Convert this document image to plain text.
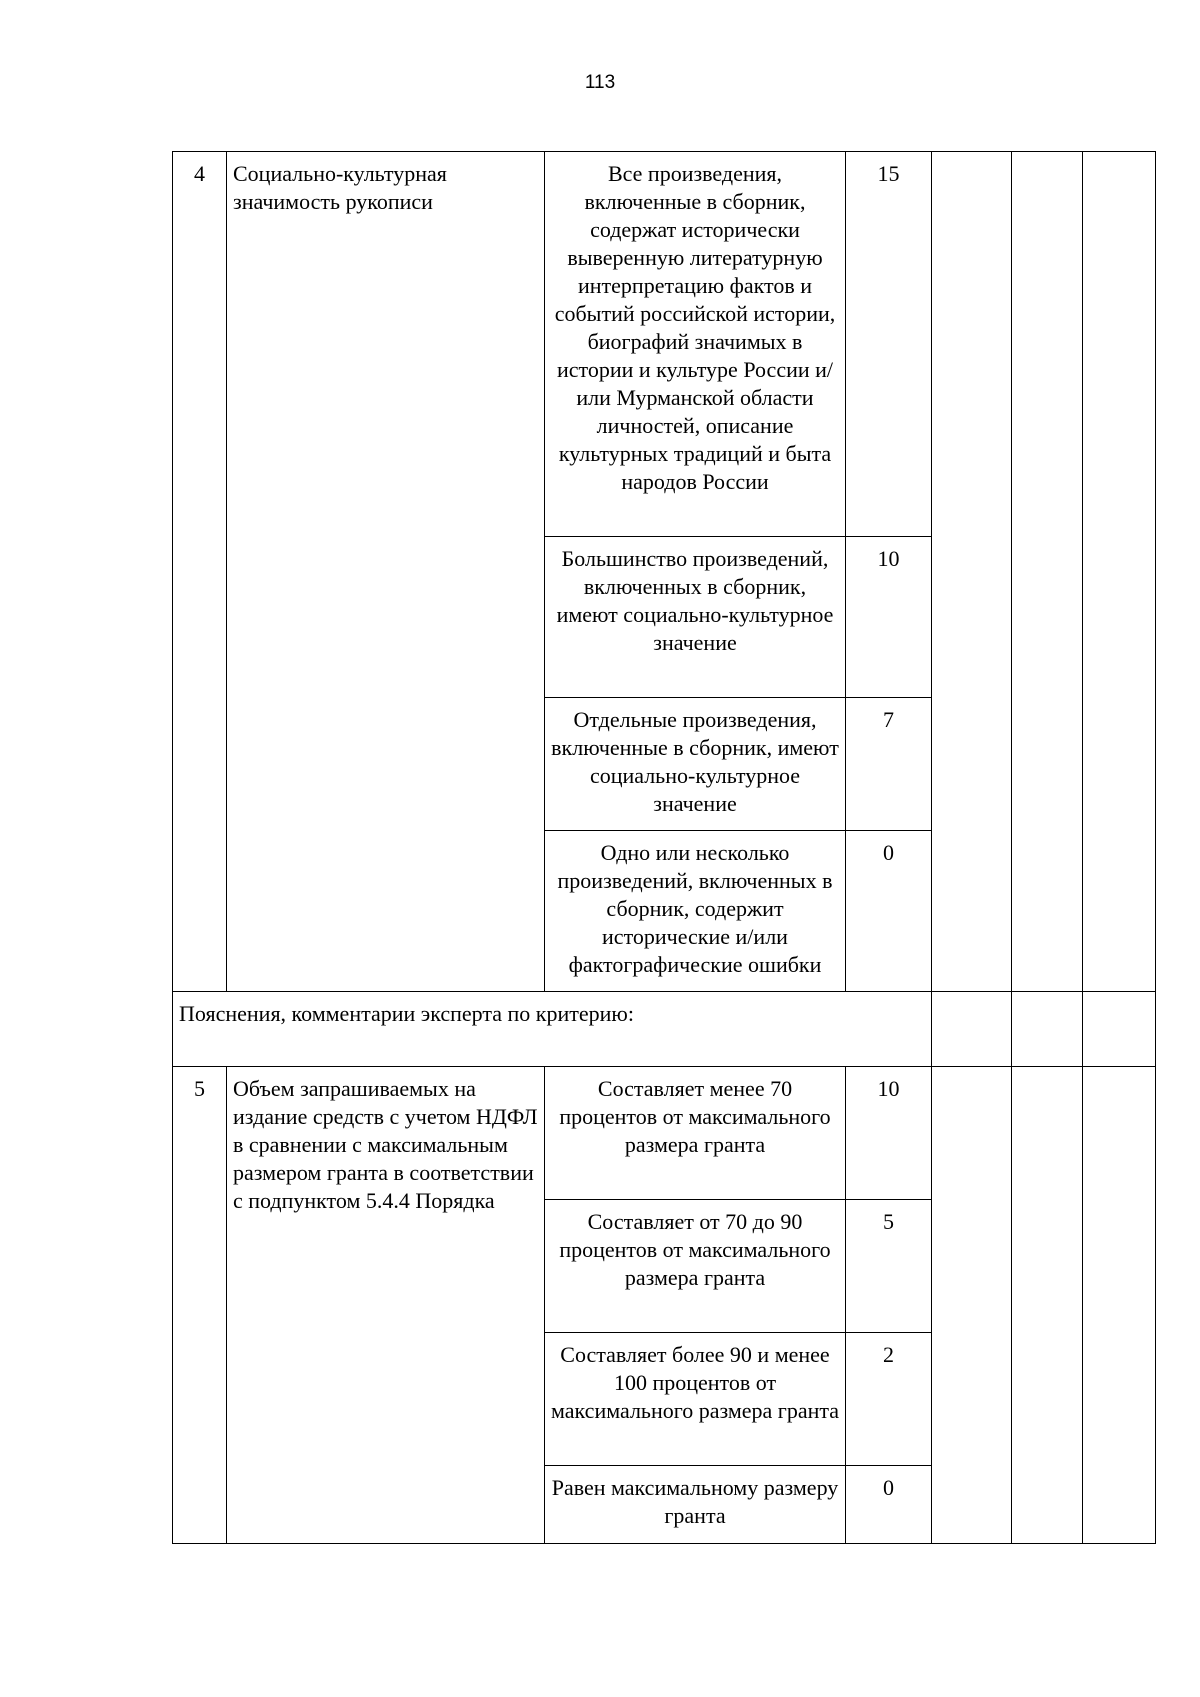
113
4	Социально-культурная значимость рукописи	Все произведения, включенные в сборник, содержат исторически выверенную литературную интерпретацию фактов и событий российской истории, биографий значимых в истории и культуре России и/или Мурманской области личностей, описание культурных традиций и быта народов России	15			
		Большинство произведений, включенных в сборник, имеют социально-культурное значение	10			
		Отдельные произведения, включенные в сборник, имеют социально-культурное значение	7			
		Одно или несколько произведений, включенных в сборник, содержит исторические и/или фактографические ошибки	0			
Пояснения, комментарии эксперта по критерию:						
5	Объем запрашиваемых на издание средств с учетом НДФЛ в сравнении с максимальным размером гранта в соответствии с подпунктом 5.4.4 Порядка	Составляет менее 70 процентов от максимального размера гранта	10			
		Составляет от 70 до 90 процентов от максимального размера гранта	5			
		Составляет более 90 и менее 100 процентов от максимального размера гранта	2			
		Равен максимальному размеру гранта	0			
